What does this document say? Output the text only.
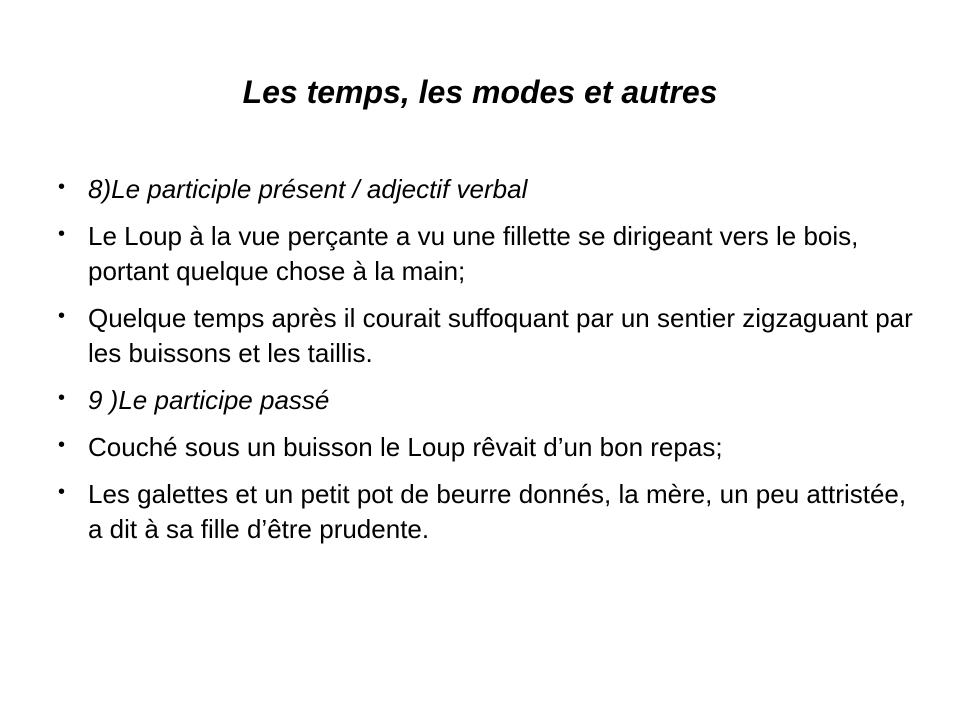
Les temps, les modes et autres
• 8)Le participle présent / adjectif verbal
• Le Loup à la vue perçante a vu une fillette se dirigeant vers le bois, portant quelque chose à la main;
• Quelque temps après il courait suffoquant par un sentier zigzaguant par les buissons et les taillis.
• 9 )Le participe passé
• Couché sous un buisson le Loup rêvait d’un bon repas;
• Les galettes et un petit pot de beurre donnés, la mère, un peu attristée, a dit à sa fille d’être prudente.
